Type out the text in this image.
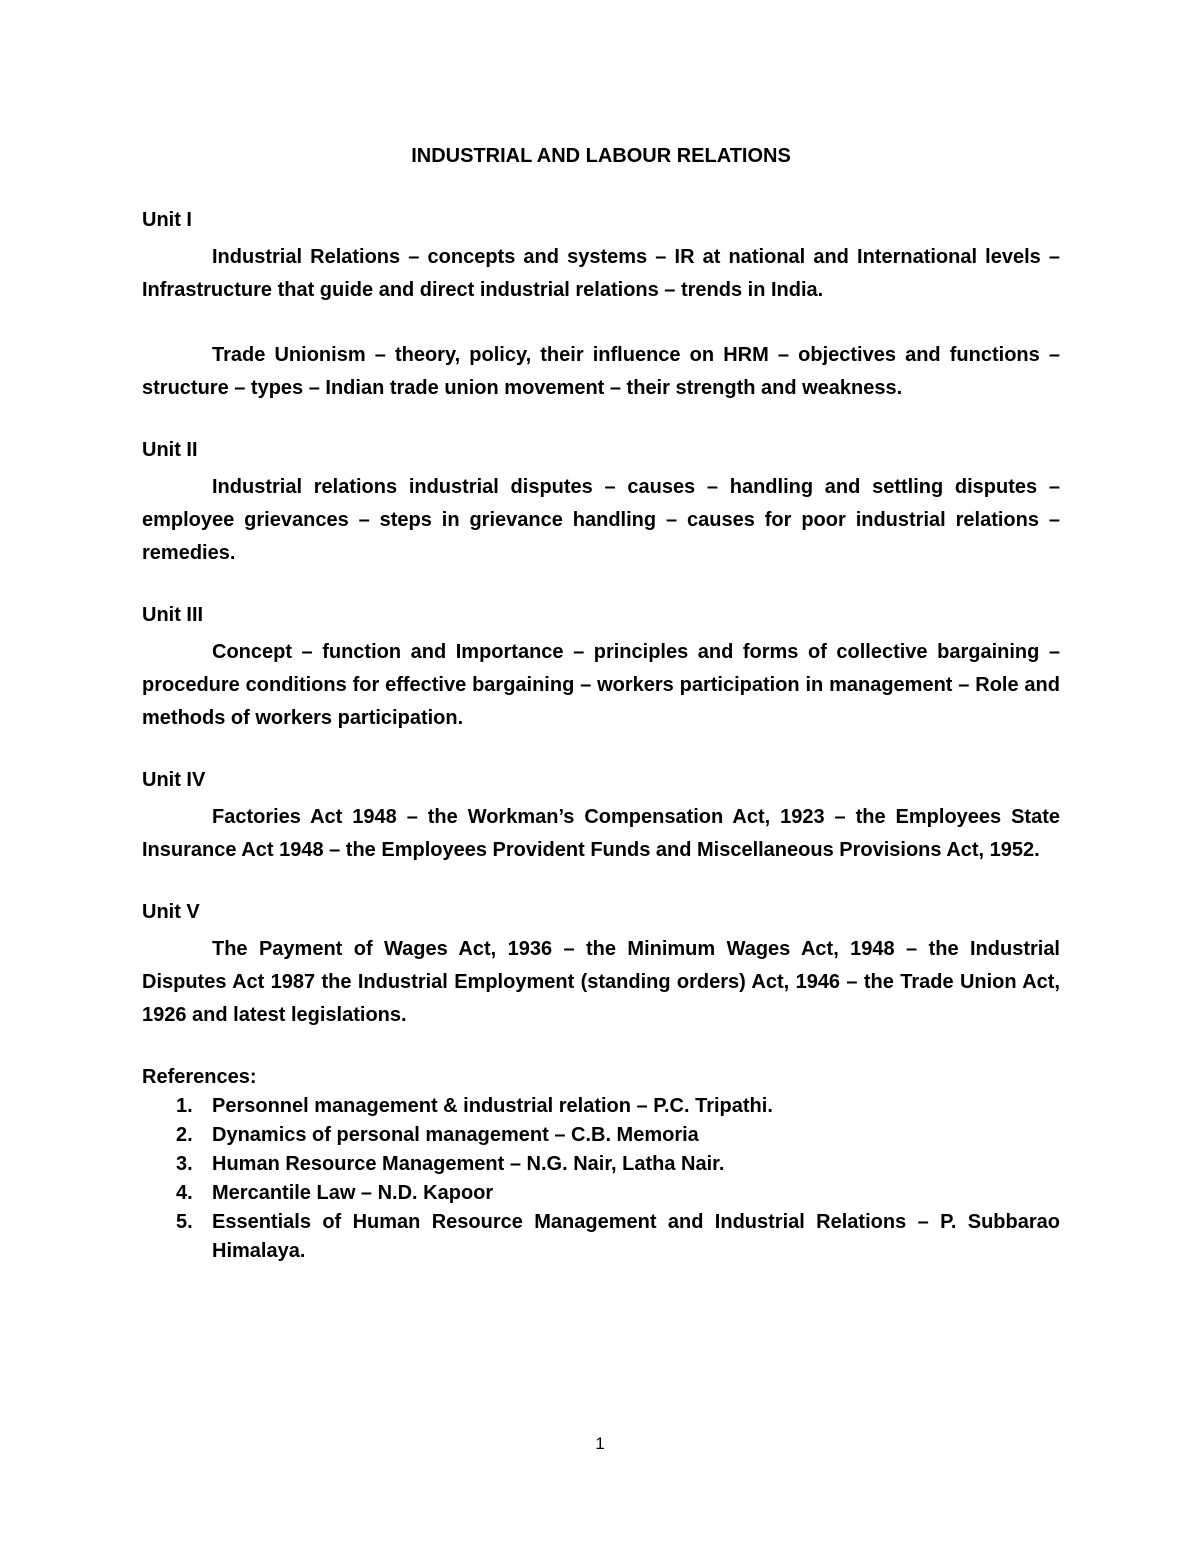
INDUSTRIAL AND LABOUR RELATIONS
Unit I

Industrial Relations – concepts and systems – IR at national and International levels – Infrastructure that guide and direct industrial relations – trends in India.

Trade Unionism – theory, policy, their influence on HRM – objectives and functions – structure – types – Indian trade union movement – their strength and weakness.

Unit II

Industrial relations industrial disputes – causes – handling and settling disputes – employee grievances – steps in grievance handling – causes for poor industrial relations – remedies.

Unit III

Concept – function and Importance – principles and forms of collective bargaining – procedure conditions for effective bargaining – workers participation in management – Role and methods of workers participation.

Unit IV

Factories Act 1948 – the Workman’s Compensation Act, 1923 – the Employees State Insurance Act 1948 – the Employees Provident Funds and Miscellaneous Provisions Act, 1952.

Unit V

The Payment of Wages Act, 1936 – the Minimum Wages Act, 1948 – the Industrial Disputes Act 1987 the Industrial Employment (standing orders) Act, 1946 – the Trade Union Act, 1926 and latest legislations.

References:
1. Personnel management & industrial relation – P.C. Tripathi.
2. Dynamics of personal management – C.B. Memoria
3. Human Resource Management – N.G. Nair, Latha Nair.
4. Mercantile Law – N.D. Kapoor
5. Essentials of Human Resource Management and Industrial Relations – P. Subbarao Himalaya.
1
